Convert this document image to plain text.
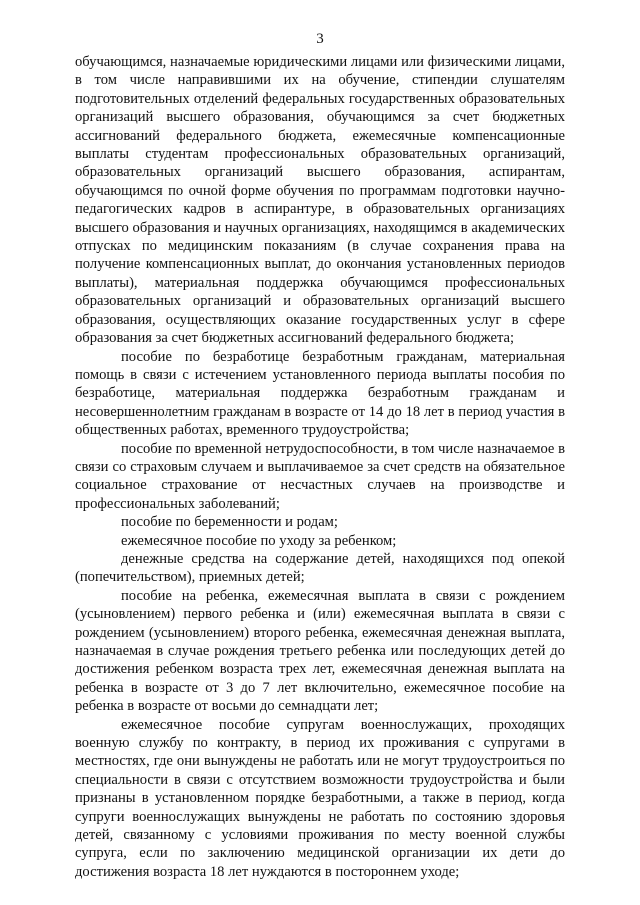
3

обучающимся, назначаемые юридическими лицами или физическими лицами, в том числе направившими их на обучение, стипендии слушателям подготовительных отделений федеральных государственных образовательных организаций высшего образования, обучающимся за счет бюджетных ассигнований федерального бюджета, ежемесячные компенсационные выплаты студентам профессиональных образовательных организаций, образовательных организаций высшего образования, аспирантам, обучающимся по очной форме обучения по программам подготовки научно-педагогических кадров в аспирантуре, в образовательных организациях высшего образования и научных организациях, находящимся в академических отпусках по медицинским показаниям (в случае сохранения права на получение компенсационных выплат, до окончания установленных периодов выплаты), материальная поддержка обучающимся профессиональных образовательных организаций и образовательных организаций высшего образования, осуществляющих оказание государственных услуг в сфере образования за счет бюджетных ассигнований федерального бюджета;

пособие по безработице безработным гражданам, материальная помощь в связи с истечением установленного периода выплаты пособия по безработице, материальная поддержка безработным гражданам и несовершеннолетним гражданам в возрасте от 14 до 18 лет в период участия в общественных работах, временного трудоустройства;

пособие по временной нетрудоспособности, в том числе назначаемое в связи со страховым случаем и выплачиваемое за счет средств на обязательное социальное страхование от несчастных случаев на производстве и профессиональных заболеваний;

пособие по беременности и родам;

ежемесячное пособие по уходу за ребенком;

денежные средства на содержание детей, находящихся под опекой (попечительством), приемных детей;

пособие на ребенка, ежемесячная выплата в связи с рождением (усыновлением) первого ребенка и (или) ежемесячная выплата в связи с рождением (усыновлением) второго ребенка, ежемесячная денежная выплата, назначаемая в случае рождения третьего ребенка или последующих детей до достижения ребенком возраста трех лет, ежемесячная денежная выплата на ребенка в возрасте от 3 до 7 лет включительно, ежемесячное пособие на ребенка в возрасте от восьми до семнадцати лет;

ежемесячное пособие супругам военнослужащих, проходящих военную службу по контракту, в период их проживания с супругами в местностях, где они вынуждены не работать или не могут трудоустроиться по специальности в связи с отсутствием возможности трудоустройства и были признаны в установленном порядке безработными, а также в период, когда супруги военнослужащих вынуждены не работать по состоянию здоровья детей, связанному с условиями проживания по месту военной службы супруга, если по заключению медицинской организации их дети до достижения возраста 18 лет нуждаются в постороннем уходе;
